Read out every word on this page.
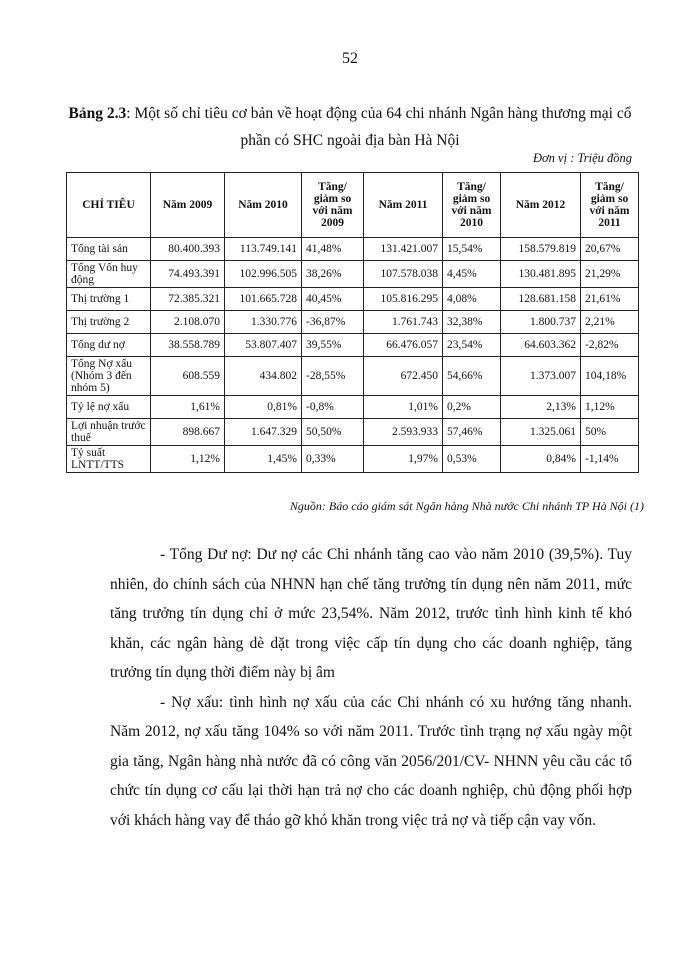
52
Bảng 2.3: Một số chỉ tiêu cơ bản về hoạt động của 64 chi nhánh Ngân hàng thương mại cổ phần có SHC ngoài địa bàn Hà Nội
Đơn vị : Triệu đồng
CHỈ TIÊU	Năm 2009	Năm 2010	Tăng/ giảm so với năm 2009	Năm 2011	Tăng/ giảm so với năm 2010	Năm 2012	Tăng/ giảm so với năm 2011
Tổng tài sản	80.400.393	113.749.141	41,48%	131.421.007	15,54%	158.579.819	20,67%
Tổng Vốn huy động	74.493.391	102.996.505	38,26%	107.578.038	4,45%	130.481.895	21,29%
Thị trường 1	72.385.321	101.665.728	40,45%	105.816.295	4,08%	128.681.158	21,61%
Thị trường 2	2.108.070	1.330.776	-36,87%	1.761.743	32,38%	1.800.737	2,21%
Tổng dư nợ	38.558.789	53.807.407	39,55%	66.476.057	23,54%	64.603.362	-2,82%
Tổng Nợ xấu (Nhóm 3 đến nhóm 5)	608.559	434.802	-28,55%	672.450	54,66%	1.373.007	104,18%
Tỷ lệ nợ xấu	1,61%	0,81%	-0,8%	1,01%	0,2%	2,13%	1,12%
Lợi nhuận trước thuế	898.667	1.647.329	50,50%	2.593.933	57,46%	1.325.061	50%
Tỷ suất LNTT/TTS	1,12%	1,45%	0,33%	1,97%	0,53%	0,84%	-1,14%
Nguồn: Báo cáo giám sát Ngân hàng Nhà nước Chi nhánh TP Hà Nội (1)

- Tổng Dư nợ: Dư nợ các Chi nhánh tăng cao vào năm 2010 (39,5%). Tuy nhiên, do chính sách của NHNN hạn chế tăng trưởng tín dụng nên năm 2011, mức tăng trưởng tín dụng chỉ ở mức 23,54%. Năm 2012, trước tình hình kinh tế khó khăn, các ngân hàng dè dặt trong việc cấp tín dụng cho các doanh nghiệp, tăng trưởng tín dụng thời điểm này bị âm

- Nợ xấu: tình hình nợ xấu của các Chi nhánh có xu hướng tăng nhanh. Năm 2012, nợ xấu tăng 104% so với năm 2011. Trước tình trạng nợ xấu ngày một gia tăng, Ngân hàng nhà nước đã có công văn 2056/201/CV- NHNN yêu cầu các tổ chức tín dụng cơ cấu lại thời hạn trả nợ cho các doanh nghiệp, chủ động phối hợp với khách hàng vay để tháo gỡ khó khăn trong việc trả nợ và tiếp cận vay vốn.
